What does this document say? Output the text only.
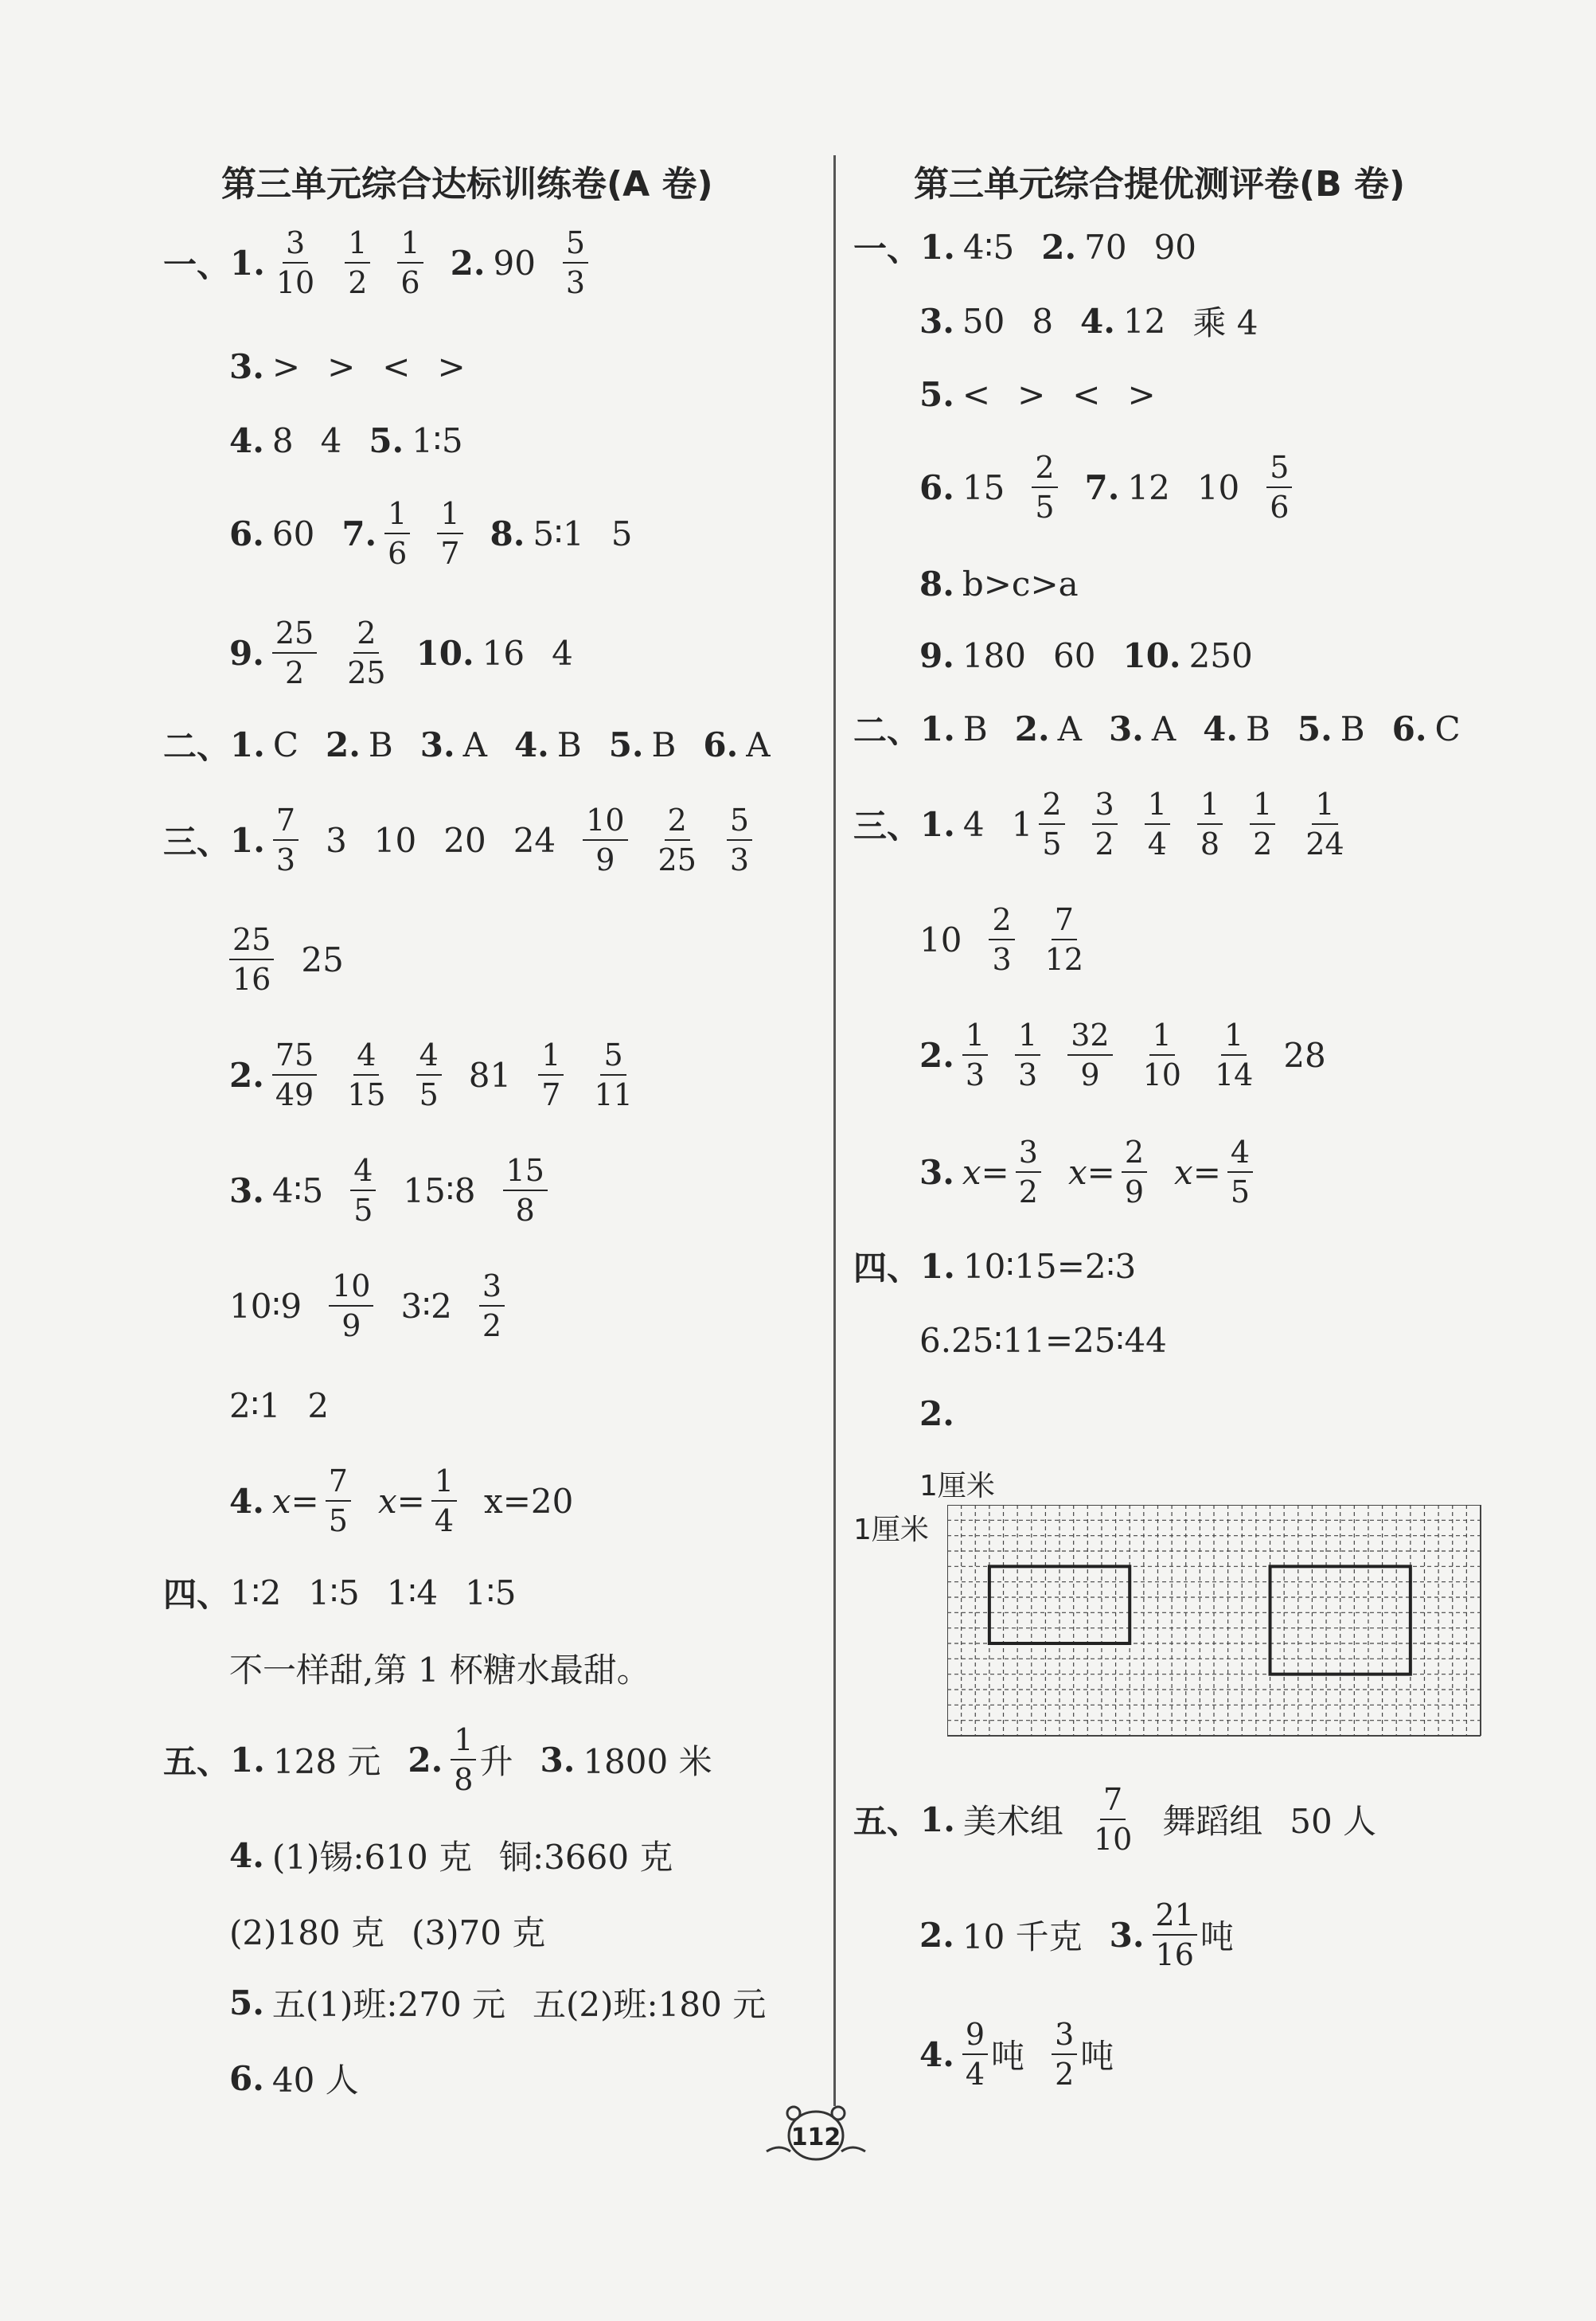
第三单元综合达标训练卷(A 卷)	第三单元综合提优测评卷(B 卷)
一、 1. $\frac{3}{10} \frac{1}{2} \frac{1}{6} 2$. $90 \frac{5}{3}$
3. > > < >
4. 8 4 5. 1∶5
6. 60 7. $\frac{1}{6} \frac{1}{7} 8$. 5∶1 5
9. $\frac{25}{2} \frac{2}{25} 10$. 16 4
二、 1. C 2. B 3. A 4. B 5. B 6. A
三、 1. $\frac{7}{3} 3$ 10 20 $24 \frac{10}{9} \frac{2}{25} \frac{5}{3}$
$\frac{25}{16} 25$
2. $\frac{75}{49} \frac{4}{15} \frac{4}{5} 81 \frac{1}{7} \frac{5}{11}$
3. 4∶5 $\frac{4}{5}$ 15∶8 $\frac{15}{8}$
10∶9 $\frac{10}{9}$ 3∶2 $\frac{3}{2}$
2∶1 2
4. $x= \frac{7}{5} x= \frac{1}{4} x=20$
四、 1∶2 1∶5 1∶4 1∶5
不一样甜,第 1 杯糖水最甜。
五、 1. 128 元 2. $\frac{1}{8}$ 升 3. 1800 米
4. (1)锡:610 克 铜:3660 克
(2)180 克 (3)70 克
5. 五(1)班:270 元 五(2)班:180 元
6. 40 人
一、 1. 4∶5 2. 70 90
3. 50 8 4. 12 乘 4
5. < > < >
6. $15 \frac{2}{5} 7$. 12 $10 \frac{5}{6}$
8. b>c>a
9. 180 60 10. 250
二、 1. B 2. A 3. A 4. B 5. B 6. C
三、 1. 4 $1 \frac{2}{5} \frac{3}{2} \frac{1}{4} \frac{1}{8} \frac{1}{2} \frac{1}{24}$
$10 \frac{2}{3} \frac{7}{12}$
2. $\frac{1}{3} \frac{1}{3} \frac{32}{9} \frac{1}{10} \frac{1}{14} 28$
3. $x= \frac{3}{2} x= \frac{2}{9} x= \frac{4}{5}$
四、 1. 10∶15=2∶3
6.25∶11=25∶44
2.
五、 1. 美术组 $\frac{7}{10}$ 舞蹈组 50 人
2. 10 千克 3. $\frac{21}{16}$ 吨
4. $\frac{9}{4}$ 吨 $\frac{3}{2}$ 吨
1厘米
1厘米
112
